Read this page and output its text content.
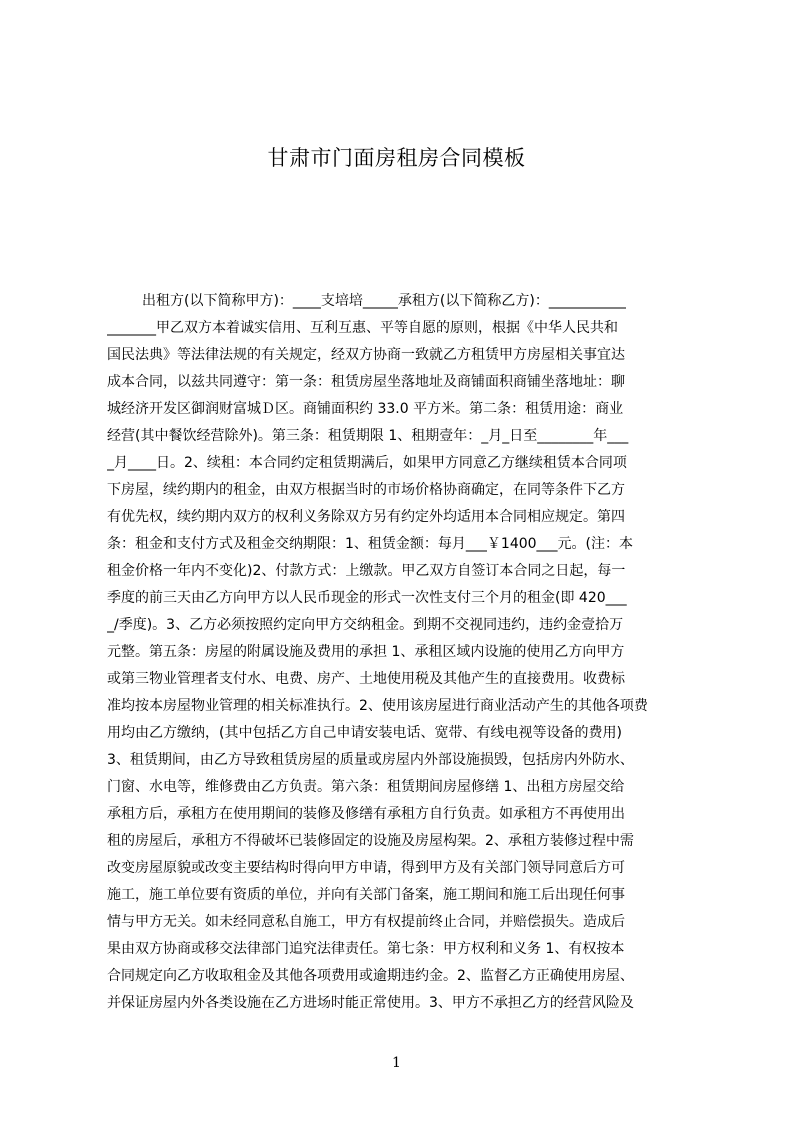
甘肃市门面房租房合同模板
出租方(以下简称甲方)：____支培培_____承租方(以下简称乙方)：___________
_______甲乙双方本着诚实信用、互利互惠、平等自愿的原则，根据《中华人民共和
国民法典》等法律法规的有关规定，经双方协商一致就乙方租赁甲方房屋相关事宜达
成本合同，以兹共同遵守：第一条：租赁房屋坐落地址及商铺面积商铺坐落地址：聊
城经济开发区御润财富城Ｄ区。商铺面积约 33.0 平方米。第二条：租赁用途：商业
经营(其中餐饮经营除外)。第三条：租赁期限 1、租期壹年：_月_日至________年___
_月____日。2、续租：本合同约定租赁期满后，如果甲方同意乙方继续租赁本合同项
下房屋，续约期内的租金，由双方根据当时的市场价格协商确定，在同等条件下乙方
有优先权，续约期内双方的权利义务除双方另有约定外均适用本合同相应规定。第四
条：租金和支付方式及租金交纳期限：1、租赁金额：每月___￥1400___元。(注：本
租金价格一年内不变化)2、付款方式：上缴款。甲乙双方自签订本合同之日起，每一
季度的前三天由乙方向甲方以人民币现金的形式一次性支付三个月的租金(即 420___
_/季度)。3、乙方必须按照约定向甲方交纳租金。到期不交视同违约，违约金壹拾万
元整。第五条：房屋的附属设施及费用的承担 1、承租区域内设施的使用乙方向甲方
或第三物业管理者支付水、电费、房产、土地使用税及其他产生的直接费用。收费标
准均按本房屋物业管理的相关标准执行。2、使用该房屋进行商业活动产生的其他各项费
用均由乙方缴纳，(其中包括乙方自己申请安装电话、宽带、有线电视等设备的费用)
3、租赁期间，由乙方导致租赁房屋的质量或房屋内外部设施损毁，包括房内外防水、
门窗、水电等，维修费由乙方负责。第六条：租赁期间房屋修缮 1、出租方房屋交给
承租方后，承租方在使用期间的装修及修缮有承租方自行负责。如承租方不再使用出
租的房屋后，承租方不得破坏已装修固定的设施及房屋构架。2、承租方装修过程中需
改变房屋原貌或改变主要结构时得向甲方申请，得到甲方及有关部门领导同意后方可
施工，施工单位要有资质的单位，并向有关部门备案，施工期间和施工后出现任何事
情与甲方无关。如未经同意私自施工，甲方有权提前终止合同，并赔偿损失。造成后
果由双方协商或移交法律部门追究法律责任。第七条：甲方权利和义务 1、有权按本
合同规定向乙方收取租金及其他各项费用或逾期违约金。2、监督乙方正确使用房屋、
并保证房屋内外各类设施在乙方进场时能正常使用。3、甲方不承担乙方的经营风险及
1
